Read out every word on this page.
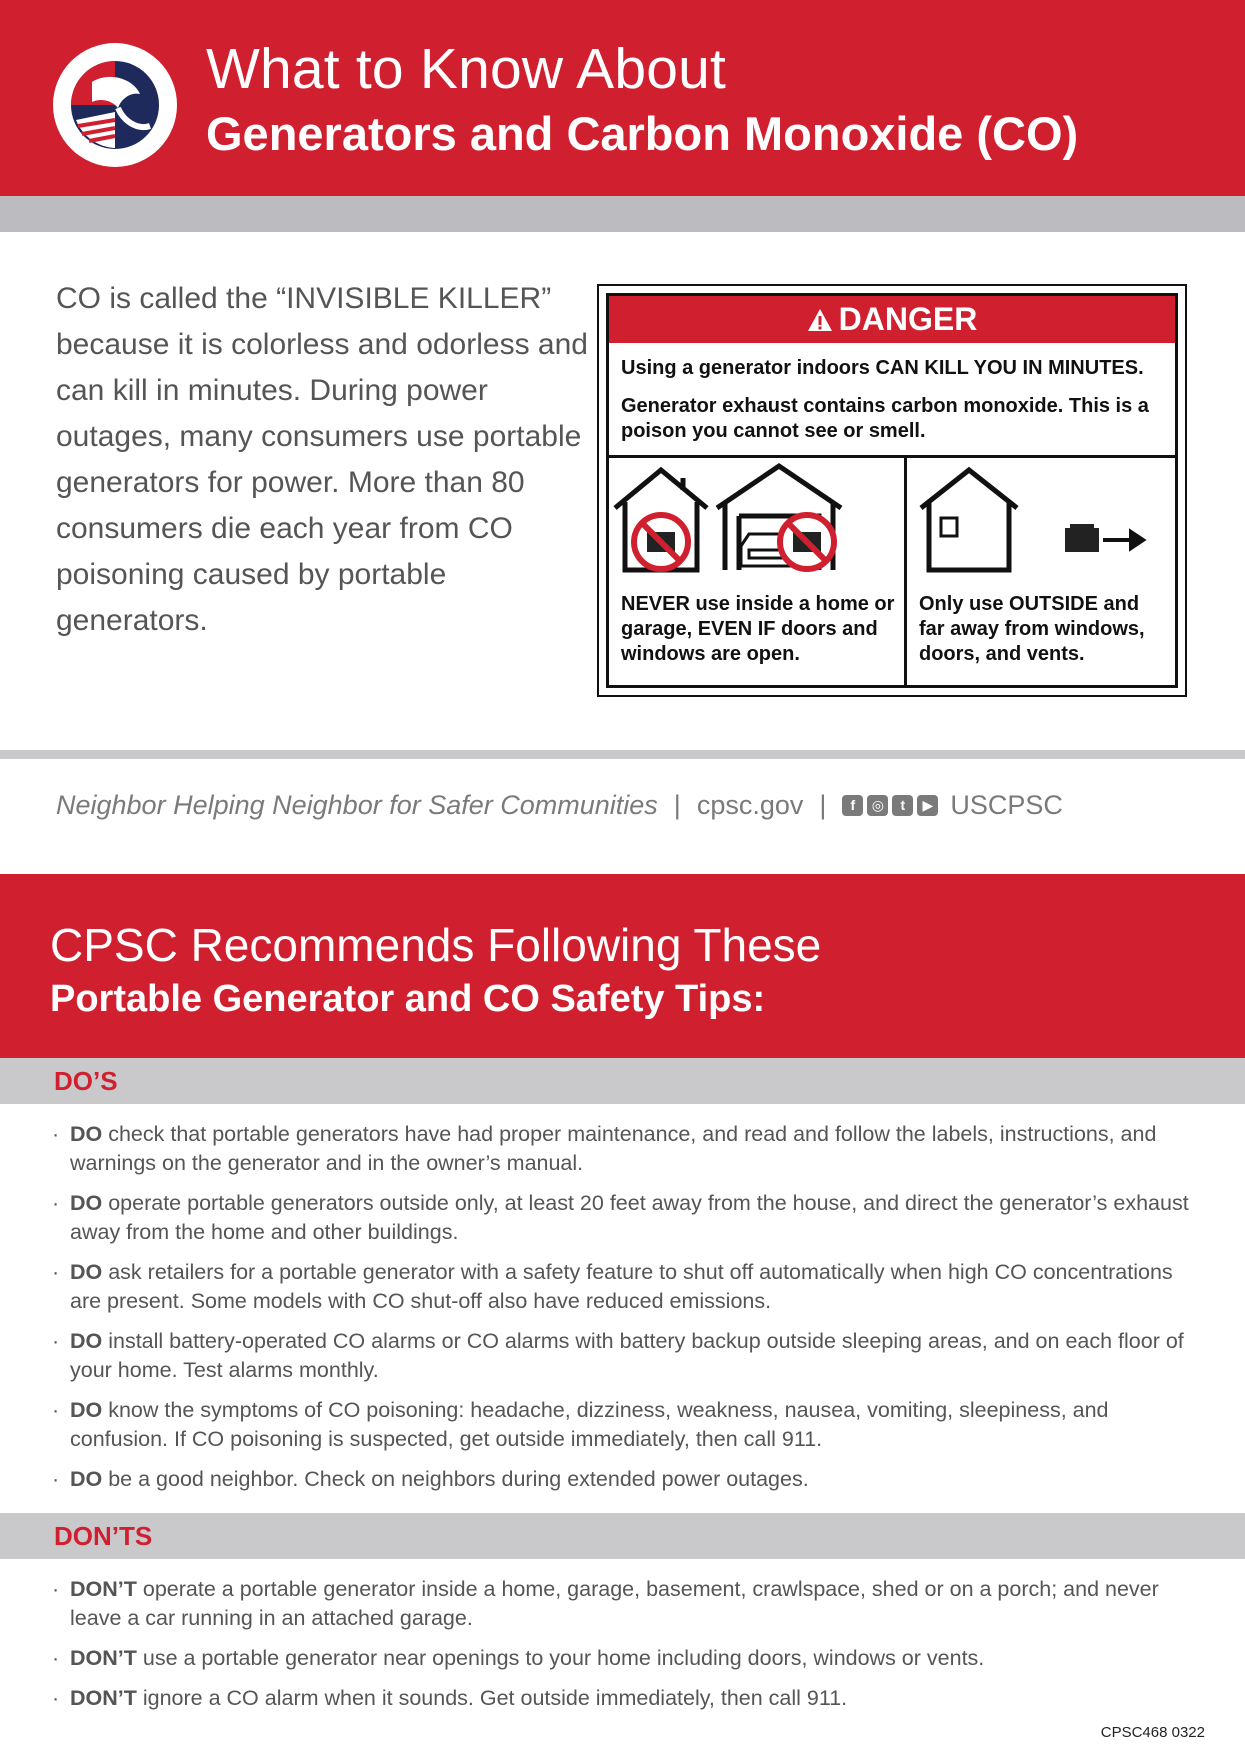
What to Know About
Generators and Carbon Monoxide (CO)
CO is called the “INVISIBLE KILLER” because it is colorless and odorless and can kill in minutes. During power outages, many consumers use portable generators for power. More than 80 consumers die each year from CO poisoning caused by portable generators.
DANGER

Using a generator indoors CAN KILL YOU IN MINUTES.

Generator exhaust contains carbon monoxide. This is a poison you cannot see or smell.

NEVER use inside a home or garage, EVEN IF doors and windows are open.
Only use OUTSIDE and far away from windows, doors, and vents.
Neighbor Helping Neighbor for Safer Communities | cpsc.gov |	f	◎	t	▶ USCPSC
CPSC Recommends Following These
Portable Generator and CO Safety Tips:
DO’S
· DO check that portable generators have had proper maintenance, and read and follow the labels, instructions, and warnings on the generator and in the owner’s manual.
· DO operate portable generators outside only, at least 20 feet away from the house, and direct the generator’s exhaust away from the home and other buildings.
· DO ask retailers for a portable generator with a safety feature to shut off automatically when high CO concentrations are present. Some models with CO shut-off also have reduced emissions.
· DO install battery-operated CO alarms or CO alarms with battery backup outside sleeping areas, and on each floor of your home. Test alarms monthly.
· DO know the symptoms of CO poisoning: headache, dizziness, weakness, nausea, vomiting, sleepiness, and confusion. If CO poisoning is suspected, get outside immediately, then call 911.
· DO be a good neighbor. Check on neighbors during extended power outages.
DON’TS
· DON’T operate a portable generator inside a home, garage, basement, crawlspace, shed or on a porch; and never leave a car running in an attached garage.
· DON’T use a portable generator near openings to your home including doors, windows or vents.
· DON’T ignore a CO alarm when it sounds. Get outside immediately, then call 911.
CPSC468 0322
